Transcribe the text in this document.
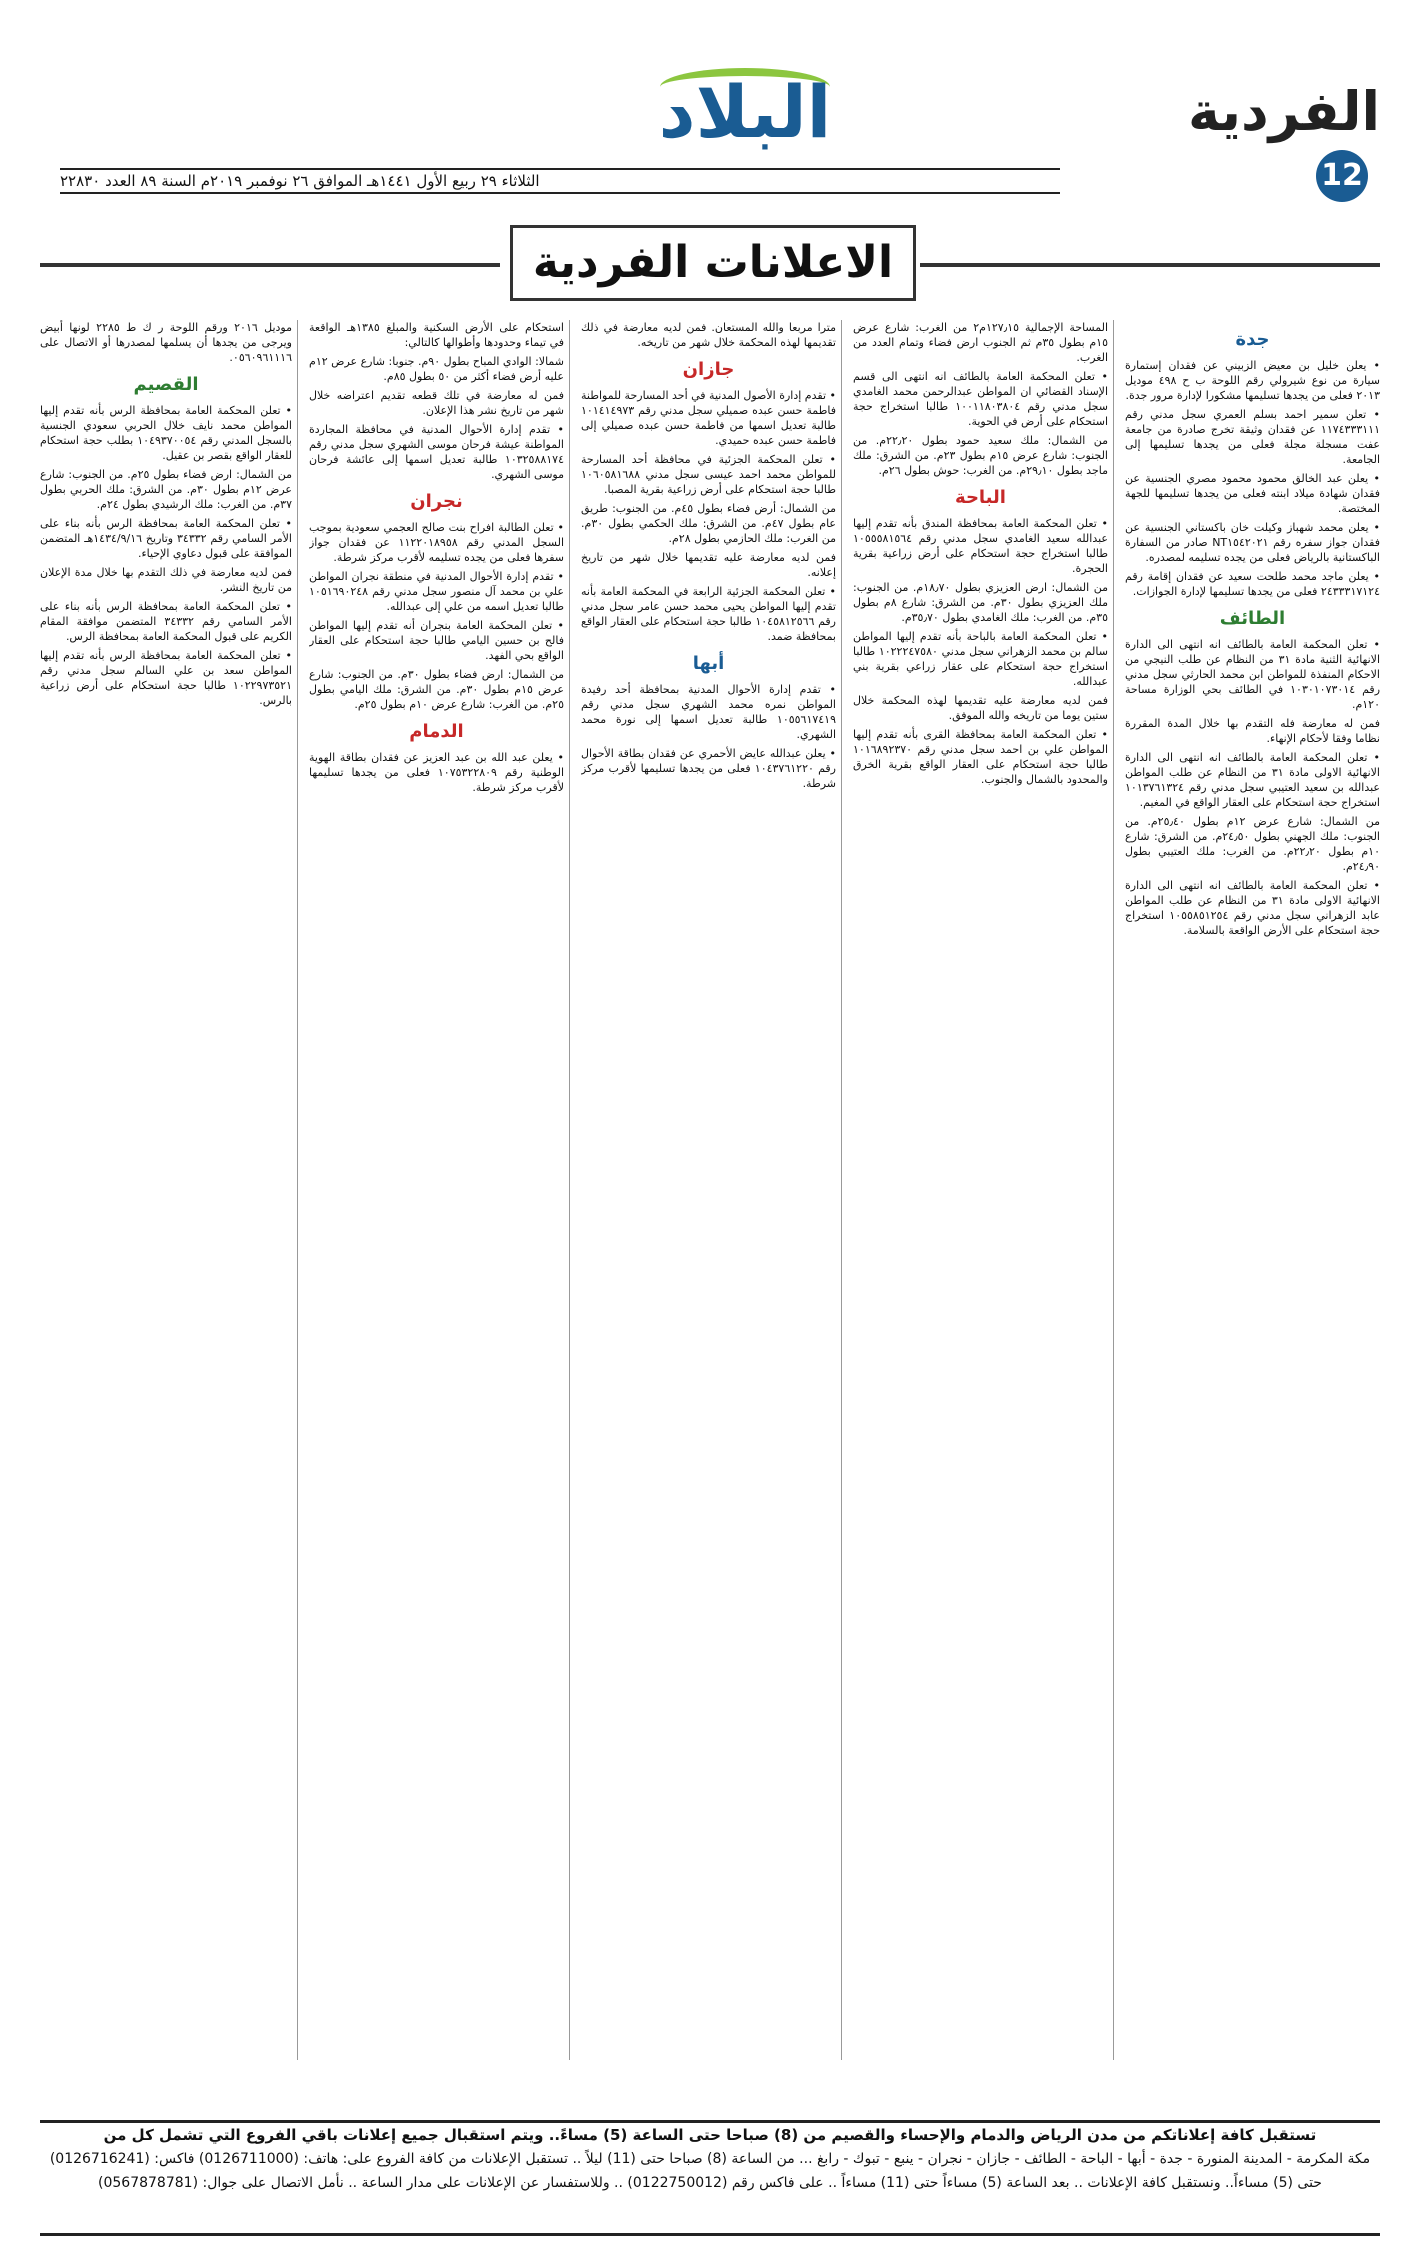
الفردية
12
البلاد
الثلاثاء ٢٩ ربيع الأول ١٤٤١هـ الموافق ٢٦ نوفمبر ٢٠١٩م السنة ٨٩ العدد ٢٢٨٣٠
الاعلانات الفردية
جدة

• يعلن خليل بن معيض الزبيني عن فقدان إستمارة سيارة من نوع شيرولي رقم اللوحة ب ح ٤٩٨ موديل ٢٠١٣ فعلى من يجدها تسليمها مشكورا لإدارة مرور جدة.

• تعلن سمير احمد بسلم العمري سجل مدني رقم ١١٧٤٣٣٣١١١ عن فقدان وثيقة تخرج صادرة من جامعة عفت مسجلة مجلة فعلى من يجدها تسليمها إلى الجامعة.

• يعلن عبد الخالق محمود محمود مصري الجنسية عن فقدان شهادة ميلاد ابنته فعلى من يجدها تسليمها للجهة المختصة.

• يعلن محمد شهباز وكيلت خان باكستاني الجنسية عن فقدان جواز سفره رقم NT١٥٤٢٠٢١ صادر من السفارة الباكستانية بالرياض فعلى من يجده تسليمه لمصدره.

• يعلن ماجد محمد طلحت سعيد عن فقدان إقامة رقم ٢٤٣٣٣١٧١٢٤ فعلى من يجدها تسليمها لإدارة الجوازات.

الطائف

• تعلن المحكمة العامة بالطائف انه انتهى الى الدارة الانهائية الثنية مادة ٣١ من النظام عن طلب النيجي من الاحكام المنفذة للمواطن ابن محمد الحارثي سجل مدني رقم ١٠٣٠١٠٧٣٠١٤ في الطائف بحي الوزارة مساحة ١٢٠م.

فمن له معارضة فله التقدم بها خلال المدة المقررة نظاما وفقا لأحكام الإنهاء.

• تعلن المحكمة العامة بالطائف انه انتهى الى الدارة الانهائية الاولى مادة ٣١ من النظام عن طلب المواطن عبدالله بن سعيد العتيبي سجل مدني رقم ١٠١٣٧٦١٣٢٤ استخراج حجة استحكام على العقار الواقع في المغيم.

من الشمال: شارع عرض ١٢م بطول ٢٥٫٤٠م. من الجنوب: ملك الجهني بطول ٢٤٫٥٠م. من الشرق: شارع ١٠م بطول ٢٢٫٢٠م. من الغرب: ملك العتيبي بطول ٢٤٫٩٠م.

• تعلن المحكمة العامة بالطائف انه انتهى الى الدارة الانهائية الاولى مادة ٣١ من النظام عن طلب المواطن عابد الزهراني سجل مدني رقم ١٠٥٥٨٥١٢٥٤ استخراج حجة استحكام على الأرض الواقعة بالسلامة.

المساحة الإجمالية ١٢٧٫١٥م٢ من الغرب: شارع عرض ١٥م بطول ٣٥م ثم الجنوب ارض فضاء وتمام العدد من الغرب.

• تعلن المحكمة العامة بالطائف انه انتهى الى قسم الإسناد القضائي ان المواطن عبدالرحمن محمد الغامدي سجل مدني رقم ١٠٠١١٨٠٣٨٠٤ طالبا استخراج حجة استحكام على أرض في الحوية.

من الشمال: ملك سعيد حمود بطول ٢٢٫٢٠م. من الجنوب: شارع عرض ١٥م بطول ٢٣م. من الشرق: ملك ماجد بطول ٢٩٫١٠م. من الغرب: حوش بطول ٢٦م.

الباحة

• تعلن المحكمة العامة بمحافظة المندق بأنه تقدم إليها عبدالله سعيد الغامدي سجل مدني رقم ١٠٥٥٥٨١٥٦٤ طالبا استخراج حجة استحكام على أرض زراعية بقرية الحجرة.

من الشمال: ارض العزيزي بطول ١٨٫٧٠م. من الجنوب: ملك العزيزي بطول ٣٠م. من الشرق: شارع ٨م بطول ٣٥م. من الغرب: ملك الغامدي بطول ٣٥٫٧٠م.

• تعلن المحكمة العامة بالباحة بأنه تقدم إليها المواطن سالم بن محمد الزهراني سجل مدني ١٠٢٢٢٤٧٥٨٠ طالبا استخراج حجة استحكام على عقار زراعي بقرية بني عبدالله.

فمن لديه معارضة عليه تقديمها لهذه المحكمة خلال ستين يوما من تاريخه والله الموفق.

• تعلن المحكمة العامة بمحافظة القرى بأنه تقدم إليها المواطن علي بن احمد سجل مدني رقم ١٠١٦٨٩٢٣٧٠ طالبا حجة استحكام على العقار الواقع بقرية الخرق والمحدود بالشمال والجنوب.

مترا مربعا والله المستعان. فمن لديه معارضة في ذلك تقديمها لهذه المحكمة خلال شهر من تاريخه.

جازان

• تقدم إدارة الأصول المدنية في أحد المسارحة للمواطنة فاطمة حسن عبده صميلي سجل مدني رقم ١٠١٤١٤٩٧٣ طالبة تعديل اسمها من فاطمة حسن عبده صميلي إلى فاطمة حسن عبده حميدي.

• تعلن المحكمة الجزئية في محافظة أحد المسارحة للمواطن محمد احمد عيسى سجل مدني ١٠٦٠٥٨١٦٨٨ طالبا حجة استحكام على أرض زراعية بقرية المصبا.

من الشمال: أرض فضاء بطول ٤٥م. من الجنوب: طريق عام بطول ٤٧م. من الشرق: ملك الحكمي بطول ٣٠م. من الغرب: ملك الحازمي بطول ٢٨م.

فمن لديه معارضة عليه تقديمها خلال شهر من تاريخ إعلانه.

• تعلن المحكمة الجزئية الرابعة في المحكمة العامة بأنه تقدم إليها المواطن يحيى محمد حسن عامر سجل مدني رقم ١٠٤٥٨١٢٥٦٦ طالبا حجة استحكام على العقار الواقع بمحافظة ضمد.

أبها

• تقدم إدارة الأحوال المدنية بمحافظة أحد رفيدة المواطن نمره محمد الشهري سجل مدني رقم ١٠٥٥٦١٧٤١٩ طالبة تعديل اسمها إلى نورة محمد الشهري.

• يعلن عبدالله عايض الأحمري عن فقدان بطاقة الأحوال رقم ١٠٤٣٧٦١٢٢٠ فعلى من يجدها تسليمها لأقرب مركز شرطة.

استحكام على الأرض السكنية والمبلغ ١٣٨٥هـ الواقعة في تيماء وحدودها وأطوالها كالتالي:

شمالا: الوادي المباح بطول ٩٠م. جنوبا: شارع عرض ١٢م عليه أرض فضاء أكثر من ٥٠ بطول ٨٥م.

فمن له معارضة في تلك قطعه تقديم اعتراضه خلال شهر من تاريخ نشر هذا الإعلان.

• تقدم إدارة الأحوال المدنية في محافظة المجاردة المواطنة عيشة فرحان موسى الشهري سجل مدني رقم ١٠٣٢٥٨٨١٧٤ طالبة تعديل اسمها إلى عائشة فرحان موسى الشهري.

نجران

• تعلن الطالبة افراح بنت صالح العجمي سعودية بموجب السجل المدني رقم ١١٢٢٠١٨٩٥٨ عن فقدان جواز سفرها فعلى من يجده تسليمه لأقرب مركز شرطة.

• تقدم إدارة الأحوال المدنية في منطقة نجران المواطن علي بن محمد آل منصور سجل مدني رقم ١٠٥١٦٩٠٢٤٨ طالبا تعديل اسمه من علي إلى عبدالله.

• تعلن المحكمة العامة بنجران أنه تقدم إليها المواطن فالح بن حسين اليامي طالبا حجة استحكام على العقار الواقع بحي الفهد.

من الشمال: ارض فضاء بطول ٣٠م. من الجنوب: شارع عرض ١٥م بطول ٣٠م. من الشرق: ملك اليامي بطول ٢٥م. من الغرب: شارع عرض ١٠م بطول ٢٥م.

الدمام

• يعلن عبد الله بن عبد العزيز عن فقدان بطاقة الهوية الوطنية رقم ١٠٧٥٣٢٢٨٠٩ فعلى من يجدها تسليمها لأقرب مركز شرطة.

موديل ٢٠١٦ ورقم اللوحة ر ك ط ٢٢٨٥ لونها أبيض ويرجى من يجدها أن يسلمها لمصدرها أو الاتصال على ٠٥٦٠٩٦١١١٦.

القصيم

• تعلن المحكمة العامة بمحافظة الرس بأنه تقدم إليها المواطن محمد نايف خلال الحربي سعودي الجنسية بالسجل المدني رقم ١٠٤٩٣٧٠٠٥٤ بطلب حجة استحكام للعقار الواقع بقصر بن عقيل.

من الشمال: ارض فضاء بطول ٢٥م. من الجنوب: شارع عرض ١٢م بطول ٣٠م. من الشرق: ملك الحربي بطول ٣٧م. من الغرب: ملك الرشيدي بطول ٢٤م.

• تعلن المحكمة العامة بمحافظة الرس بأنه بناء على الأمر السامي رقم ٣٤٣٣٢ وتاريخ ١٤٣٤/٩/١٦هـ المتضمن الموافقة على قبول دعاوي الإحياء.

فمن لديه معارضة في ذلك التقدم بها خلال مدة الإعلان من تاريخ النشر.

• تعلن المحكمة العامة بمحافظة الرس بأنه بناء على الأمر السامي رقم ٣٤٣٣٢ المتضمن موافقة المقام الكريم على قبول المحكمة العامة بمحافظة الرس.

• تعلن المحكمة العامة بمحافظة الرس بأنه تقدم إليها المواطن سعد بن علي السالم سجل مدني رقم ١٠٢٢٩٧٣٥٢١ طالبا حجة استحكام على أرض زراعية بالرس.

تستقبل كافة إعلاناتكم من مدن الرياض والدمام والإحساء والقصيم من (8) صباحا حتى الساعة (5) مساءً.. ويتم استقبال جميع إعلانات باقي الفروع التي تشمل كل من
مكة المكرمة - المدينة المنورة - جدة - أبها - الباحة - الطائف - جازان - نجران - ينبع - تبوك - رابغ ... من الساعة (8) صباحا حتى (11) ليلاً .. تستقبل الإعلانات من كافة الفروع على: هاتف: (0126711000) فاكس: (0126716241)
حتى (5) مساءاً.. ونستقبل كافة الإعلانات .. بعد الساعة (5) مساءاً حتى (11) مساءاً .. على فاكس رقم (0122750012) .. وللاستفسار عن الإعلانات على مدار الساعة .. نأمل الاتصال على جوال: (0567878781)
